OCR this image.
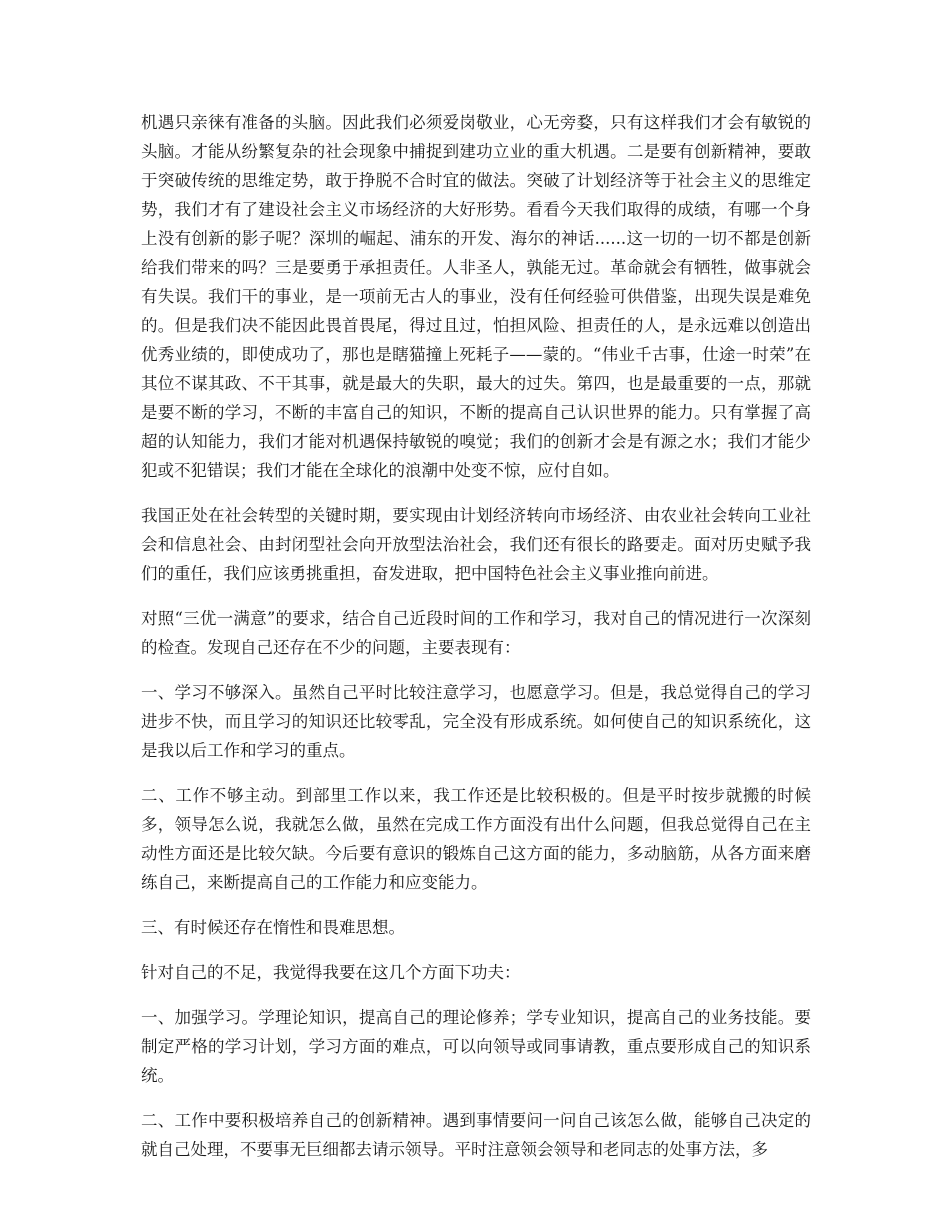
机遇只亲徕有准备的头脑。因此我们必须爱岗敬业，心无旁婺，只有这样我们才会有敏锐的头脑。才能从纷繁复杂的社会现象中捕捉到建功立业的重大机遇。二是要有创新精神，要敢于突破传统的思维定势，敢于挣脱不合时宜的做法。突破了计划经济等于社会主义的思维定势，我们才有了建设社会主义市场经济的大好形势。看看今天我们取得的成绩，有哪一个身上没有创新的影子呢？深圳的崛起、浦东的开发、海尔的神话......这一切的一切不都是创新给我们带来的吗？三是要勇于承担责任。人非圣人，孰能无过。革命就会有牺牲，做事就会有失误。我们干的事业，是一项前无古人的事业，没有任何经验可供借鉴，出现失误是难免的。但是我们决不能因此畏首畏尾，得过且过，怕担风险、担责任的人，是永远难以创造出优秀业绩的，即使成功了，那也是瞎猫撞上死耗子——蒙的。“伟业千古事，仕途一时荣”在其位不谋其政、不干其事，就是最大的失职，最大的过失。第四，也是最重要的一点，那就是要不断的学习，不断的丰富自己的知识，不断的提高自己认识世界的能力。只有掌握了高超的认知能力，我们才能对机遇保持敏锐的嗅觉；我们的创新才会是有源之水；我们才能少犯或不犯错误；我们才能在全球化的浪潮中处变不惊，应付自如。

我国正处在社会转型的关键时期，要实现由计划经济转向市场经济、由农业社会转向工业社会和信息社会、由封闭型社会向开放型法治社会，我们还有很长的路要走。面对历史赋予我们的重任，我们应该勇挑重担，奋发进取，把中国特色社会主义事业推向前进。

对照“三优一满意”的要求，结合自己近段时间的工作和学习，我对自己的情况进行一次深刻的检查。发现自己还存在不少的问题，主要表现有：

一、学习不够深入。虽然自己平时比较注意学习，也愿意学习。但是，我总觉得自己的学习进步不快，而且学习的知识还比较零乱，完全没有形成系统。如何使自己的知识系统化，这是我以后工作和学习的重点。

二、工作不够主动。到部里工作以来，我工作还是比较积极的。但是平时按步就搬的时候多，领导怎么说，我就怎么做，虽然在完成工作方面没有出什么问题，但我总觉得自己在主动性方面还是比较欠缺。今后要有意识的锻炼自己这方面的能力，多动脑筋，从各方面来磨练自己，来断提高自己的工作能力和应变能力。

三、有时候还存在惰性和畏难思想。

针对自己的不足，我觉得我要在这几个方面下功夫：

一、加强学习。学理论知识，提高自己的理论修养；学专业知识，提高自己的业务技能。要制定严格的学习计划，学习方面的难点，可以向领导或同事请教，重点要形成自己的知识系统。

二、工作中要积极培养自己的创新精神。遇到事情要问一问自己该怎么做，能够自己决定的就自己处理，不要事无巨细都去请示领导。平时注意领会领导和老同志的处事方法，多
